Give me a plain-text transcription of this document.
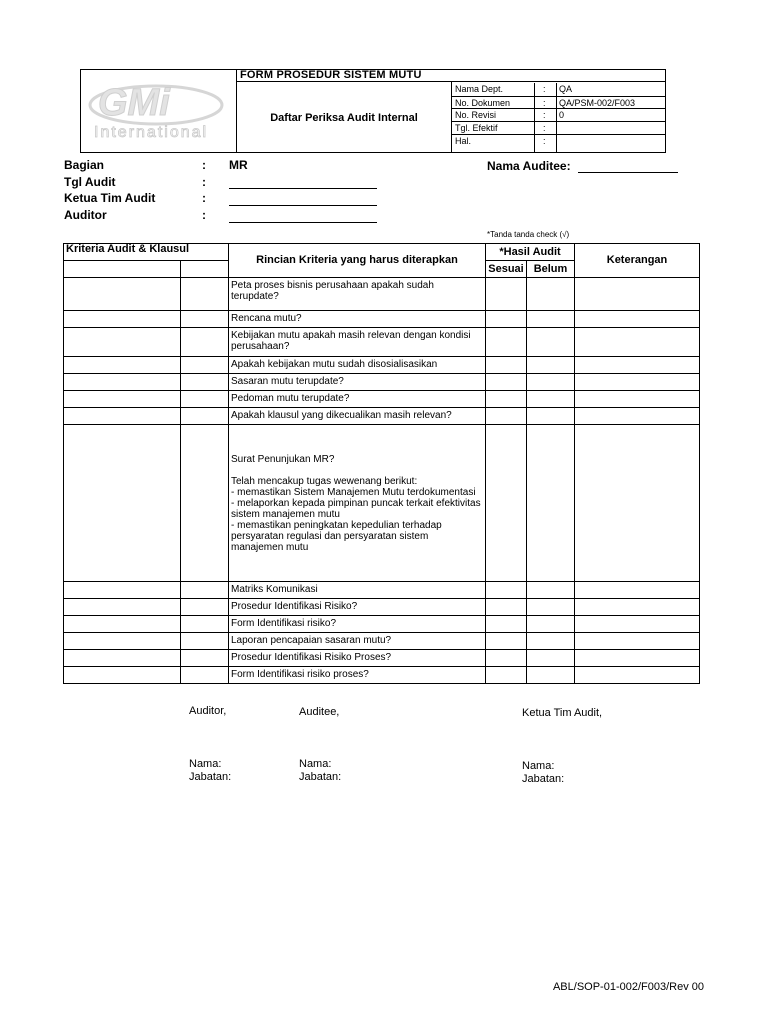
GMi
International
FORM PROSEDUR SISTEM MUTU
Daftar Periksa Audit Internal
Nama Dept.	: QA
No. Dokumen	: QA/PSM-002/F003
No. Revisi	: 0
Tgl. Efektif	:
Hal.	:
Bagian	: MR
Tgl Audit	:
Ketua Tim Audit	:
Auditor	:
Nama Auditee:
*Tanda tanda check (√)
Kriteria Audit & Klausul		Rincian Kriteria yang harus diterapkan	*Hasil Audit		Keterangan
			Sesuai	Belum	
		Peta proses bisnis perusahaan apakah sudah terupdate?			
		Rencana mutu?			
		Kebijakan mutu apakah masih relevan dengan kondisi perusahaan?			
		Apakah kebijakan mutu sudah disosialisasikan			
		Sasaran mutu terupdate?			
		Pedoman mutu terupdate?			
		Apakah klausul yang dikecualikan masih relevan?			
		Surat Penunjukan MR?

Telah mencakup tugas wewenang berikut:
- memastikan Sistem Manajemen Mutu terdokumentasi
- melaporkan kepada pimpinan puncak terkait efektivitas sistem manajemen mutu
- memastikan peningkatan kepedulian terhadap persyaratan regulasi dan persyaratan sistem manajemen mutu			
		Matriks Komunikasi			
		Prosedur Identifikasi Risiko?			
		Form Identifikasi risiko?			
		Laporan pencapaian sasaran mutu?			
		Prosedur Identifikasi Risiko Proses?			
		Form Identifikasi risiko proses?			
Auditor,	Auditee,	Ketua Tim Audit,
Nama:
Jabatan:
Nama:
Jabatan:
Nama:
Jabatan:
ABL/SOP-01-002/F003/Rev 00
